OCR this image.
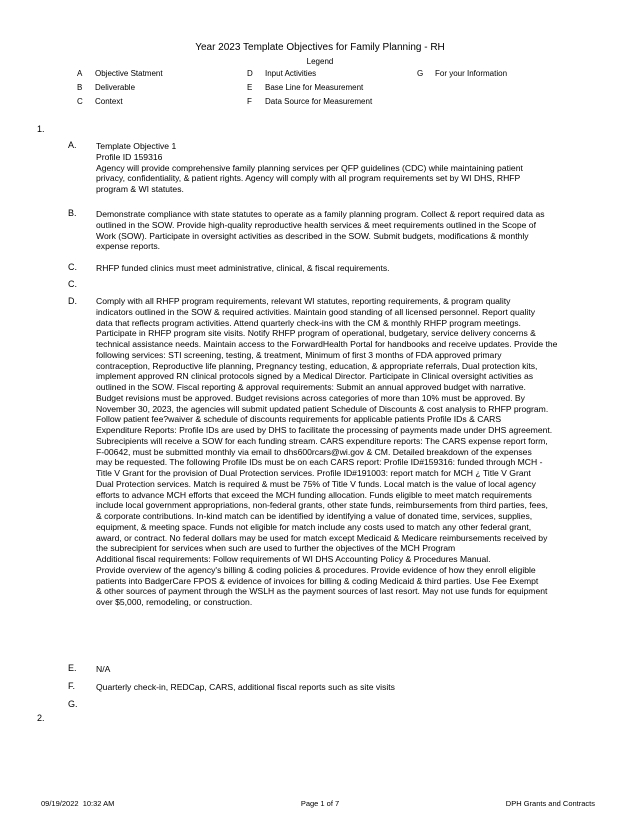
Year 2023 Template Objectives for Family Planning - RH
Legend
A	Objective Statment
B	Deliverable
C	Context
D	Input Activities
E	Base Line for Measurement
F	Data Source for Measurement
G	For your Information
1.
A. Template Objective 1
Profile ID 159316
Agency will provide comprehensive family planning services per QFP guidelines (CDC) while maintaining patient
privacy, confidentiality, & patient rights. Agency will comply with all program requirements set by WI DHS, RHFP
program & WI statutes.
B. Demonstrate compliance with state statutes to operate as a family planning program. Collect & report required data as
outlined in the SOW. Provide high-quality reproductive health services & meet requirements outlined in the Scope of
Work (SOW). Participate in oversight activities as described in the SOW. Submit budgets, modifications & monthly
expense reports.
C. RHFP funded clinics must meet administrative, clinical, & fiscal requirements.
C.
D. Comply with all RHFP program requirements, relevant WI statutes, reporting requirements, & program quality
indicators outlined in the SOW & required activities. Maintain good standing of all licensed personnel. Report quality
data that reflects program activities. Attend quarterly check-ins with the CM & monthly RHFP program meetings.
Participate in RHFP program site visits. Notify RHFP program of operational, budgetary, service delivery concerns &
technical assistance needs. Maintain access to the ForwardHealth Portal for handbooks and receive updates. Provide the
following services: STI screening, testing, & treatment, Minimum of first 3 months of FDA approved primary
contraception, Reproductive life planning, Pregnancy testing, education, & appropriate referrals, Dual protection kits,
implement approved RN clinical protocols signed by a Medical Director. Participate in Clinical oversight activities as
outlined in the SOW. Fiscal reporting & approval requirements: Submit an annual approved budget with narrative.
Budget revisions must be approved. Budget revisions across categories of more than 10% must be approved. By
November 30, 2023, the agencies will submit updated patient Schedule of Discounts & cost analysis to RHFP program.
Follow patient fee?waiver & schedule of discounts requirements for applicable patients Profile IDs & CARS
Expenditure Reports: Profile IDs are used by DHS to facilitate the processing of payments made under DHS agreement.
Subrecipients will receive a SOW for each funding stream. CARS expenditure reports: The CARS expense report form,
F-00642, must be submitted monthly via email to dhs600rcars@wi.gov & CM. Detailed breakdown of the expenses
may be requested. The following Profile IDs must be on each CARS report: Profile ID#159316: funded through MCH -
Title V Grant for the provision of Dual Protection services. Profile ID#191003: report match for MCH ¿ Title V Grant
Dual Protection services. Match is required & must be 75% of Title V funds. Local match is the value of local agency
efforts to advance MCH efforts that exceed the MCH funding allocation. Funds eligible to meet match requirements
include local government appropriations, non-federal grants, other state funds, reimbursements from third parties, fees,
& corporate contributions. In-kind match can be identified by identifying a value of donated time, services, supplies,
equipment, & meeting space. Funds not eligible for match include any costs used to match any other federal grant,
award, or contract. No federal dollars may be used for match except Medicaid & Medicare reimbursements received by
the subrecipient for services when such are used to further the objectives of the MCH Program
Additional fiscal requirements: Follow requirements of WI DHS Accounting Policy & Procedures Manual.
Provide overview of the agency's billing & coding policies & procedures. Provide evidence of how they enroll eligible
patients into BadgerCare FPOS & evidence of invoices for billing & coding Medicaid & third parties. Use Fee Exempt
& other sources of payment through the WSLH as the payment sources of last resort. May not use funds for equipment
over $5,000, remodeling, or construction.
E. N/A
F. Quarterly check-in, REDCap, CARS, additional fiscal reports such as site visits
G.
2.
09/19/2022  10:32 AM	Page 1 of 7	DPH Grants and Contracts
